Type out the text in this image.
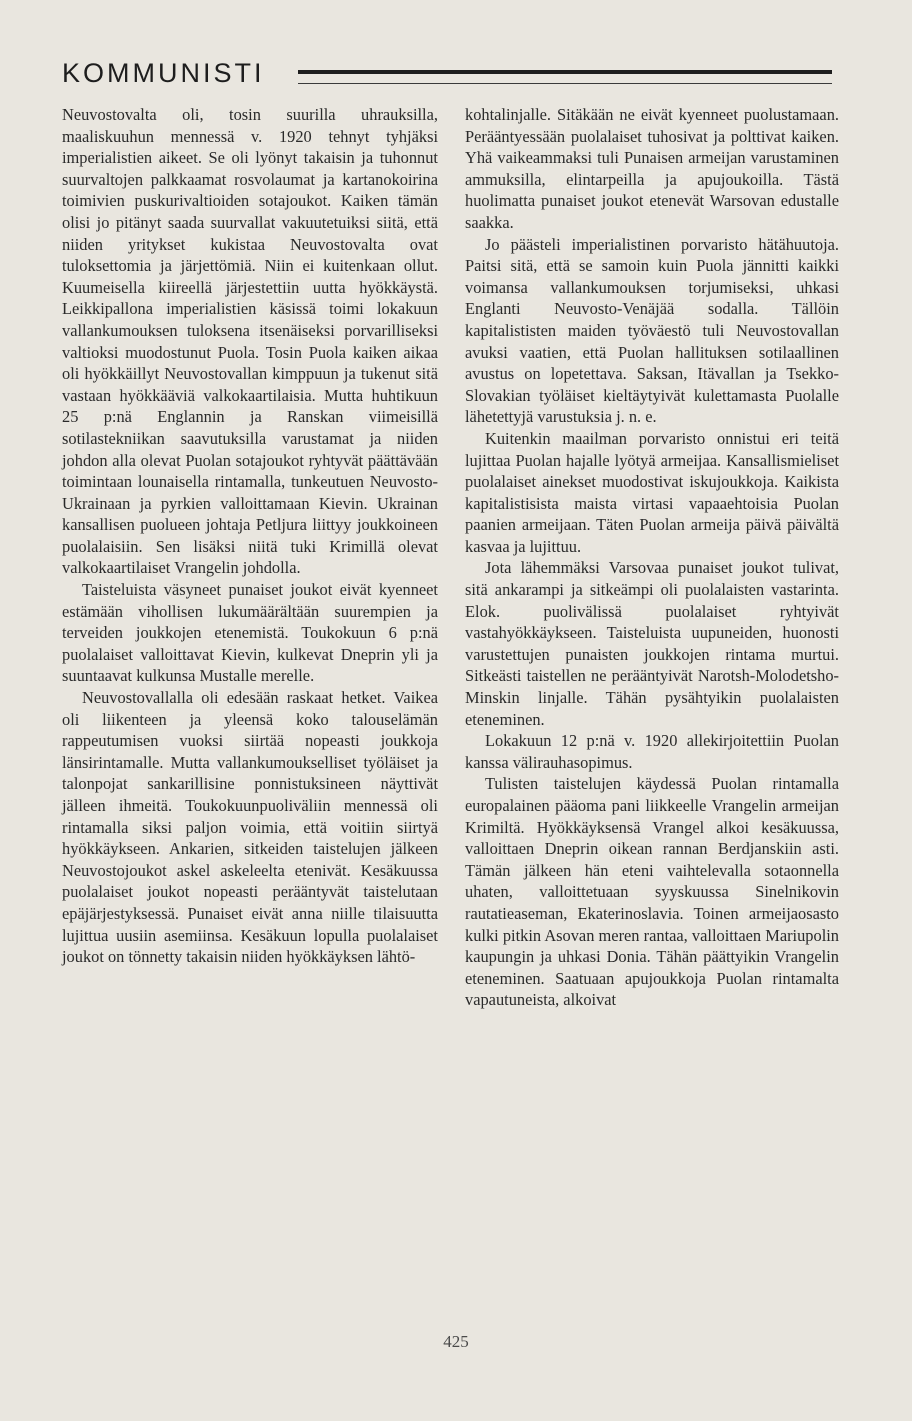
KOMMUNISTI

Neuvostovalta oli, tosin suurilla uhrauksilla, maaliskuuhun mennessä v. 1920 tehnyt tyhjäksi imperialistien aikeet. Se oli lyönyt takaisin ja tuhonnut suurvaltojen palkkaamat rosvolaumat ja kartanokoirina toimivien puskurivaltioiden sotajoukot. Kaiken tämän olisi jo pitänyt saada suurvallat vakuutetuiksi siitä, että niiden yritykset kukistaa Neuvostovalta ovat tuloksettomia ja järjettömiä. Niin ei kuitenkaan ollut. Kuumeisella kiireellä järjestettiin uutta hyökkäystä. Leikkipallona imperialistien käsissä toimi lokakuun vallankumouksen tuloksena itsenäiseksi porvarilliseksi valtioksi muodostunut Puola. Tosin Puola kaiken aikaa oli hyökkäillyt Neuvostovallan kimppuun ja tukenut sitä vastaan hyökkääviä valkokaartilaisia. Mutta huhtikuun 25 p:nä Englannin ja Ranskan viimeisillä sotilastekniikan saavutuksilla varustamat ja niiden johdon alla olevat Puolan sotajoukot ryhtyvät päättävään toimintaan lounaisella rintamalla, tunkeutuen Neuvosto-Ukrainaan ja pyrkien valloittamaan Kievin. Ukrainan kansallisen puolueen johtaja Petljura liittyy joukkoineen puolalaisiin. Sen lisäksi niitä tuki Krimillä olevat valkokaartilaiset Vrangelin johdolla.

Taisteluista väsyneet punaiset joukot eivät kyenneet estämään vihollisen lukumäärältään suurempien ja terveiden joukkojen etenemistä. Toukokuun 6 p:nä puolalaiset valloittavat Kievin, kulkevat Dneprin yli ja suuntaavat kulkunsa Mustalle merelle.

Neuvostovallalla oli edesään raskaat hetket. Vaikea oli liikenteen ja yleensä koko talouselämän rappeutumisen vuoksi siirtää nopeasti joukkoja länsirintamalle. Mutta vallankumoukselliset työläiset ja talonpojat sankarillisine ponnistuksineen näyttivät jälleen ihmeitä. Toukokuunpuoliväliin mennessä oli rintamalla siksi paljon voimia, että voitiin siirtyä hyökkäykseen. Ankarien, sitkeiden taistelujen jälkeen Neuvostojoukot askel askeleelta etenivät. Kesäkuussa puolalaiset joukot nopeasti perääntyvät taistelutaan epäjärjestyksessä. Punaiset eivät anna niille tilaisuutta lujittua uusiin asemiinsa. Kesäkuun lopulla puolalaiset joukot on tönnetty takaisin niiden hyökkäyksen lähtö-

kohtalinjalle. Sitäkään ne eivät kyenneet puolustamaan. Perääntyessään puolalaiset tuhosivat ja polttivat kaiken. Yhä vaikeammaksi tuli Punaisen armeijan varustaminen ammuksilla, elintarpeilla ja apujoukoilla. Tästä huolimatta punaiset joukot etenevät Warsovan edustalle saakka.

Jo päästeli imperialistinen porvaristo hätähuutoja. Paitsi sitä, että se samoin kuin Puola jännitti kaikki voimansa vallankumouksen torjumiseksi, uhkasi Englanti Neuvosto-Venäjää sodalla. Tällöin kapitalististen maiden työväestö tuli Neuvostovallan avuksi vaatien, että Puolan hallituksen sotilaallinen avustus on lopetettava. Saksan, Itävallan ja Tsekko-Slovakian työläiset kieltäytyivät kulettamasta Puolalle lähetettyjä varustuksia j. n. e.

Kuitenkin maailman porvaristo onnistui eri teitä lujittaa Puolan hajalle lyötyä armeijaa. Kansallismieliset puolalaiset ainekset muodostivat iskujoukkoja. Kaikista kapitalistisista maista virtasi vapaaehtoisia Puolan paanien armeijaan. Täten Puolan armeija päivä päivältä kasvaa ja lujittuu.

Jota lähemmäksi Varsovaa punaiset joukot tulivat, sitä ankarampi ja sitkeämpi oli puolalaisten vastarinta. Elok. puolivälissä puolalaiset ryhtyivät vastahyökkäykseen. Taisteluista uupuneiden, huonosti varustettujen punaisten joukkojen rintama murtui. Sitkeästi taistellen ne perääntyivät Narotsh-Molodetsho-Minskin linjalle. Tähän pysähtyikin puolalaisten eteneminen.

Lokakuun 12 p:nä v. 1920 allekirjoitettiin Puolan kanssa välirauhasopimus.

Tulisten taistelujen käydessä Puolan rintamalla europalainen pääoma pani liikkeelle Vrangelin armeijan Krimiltä. Hyökkäyksensä Vrangel alkoi kesäkuussa, valloittaen Dneprin oikean rannan Berdjanskiin asti. Tämän jälkeen hän eteni vaihtelevalla sotaonnella uhaten, valloittetuaan syyskuussa Sinelnikovin rautatieaseman, Ekaterinoslavia. Toinen armeijaosasto kulki pitkin Asovan meren rantaa, valloittaen Mariupolin kaupungin ja uhkasi Donia. Tähän päättyikin Vrangelin eteneminen. Saatuaan apujoukkoja Puolan rintamalta vapautuneista, alkoivat

425
